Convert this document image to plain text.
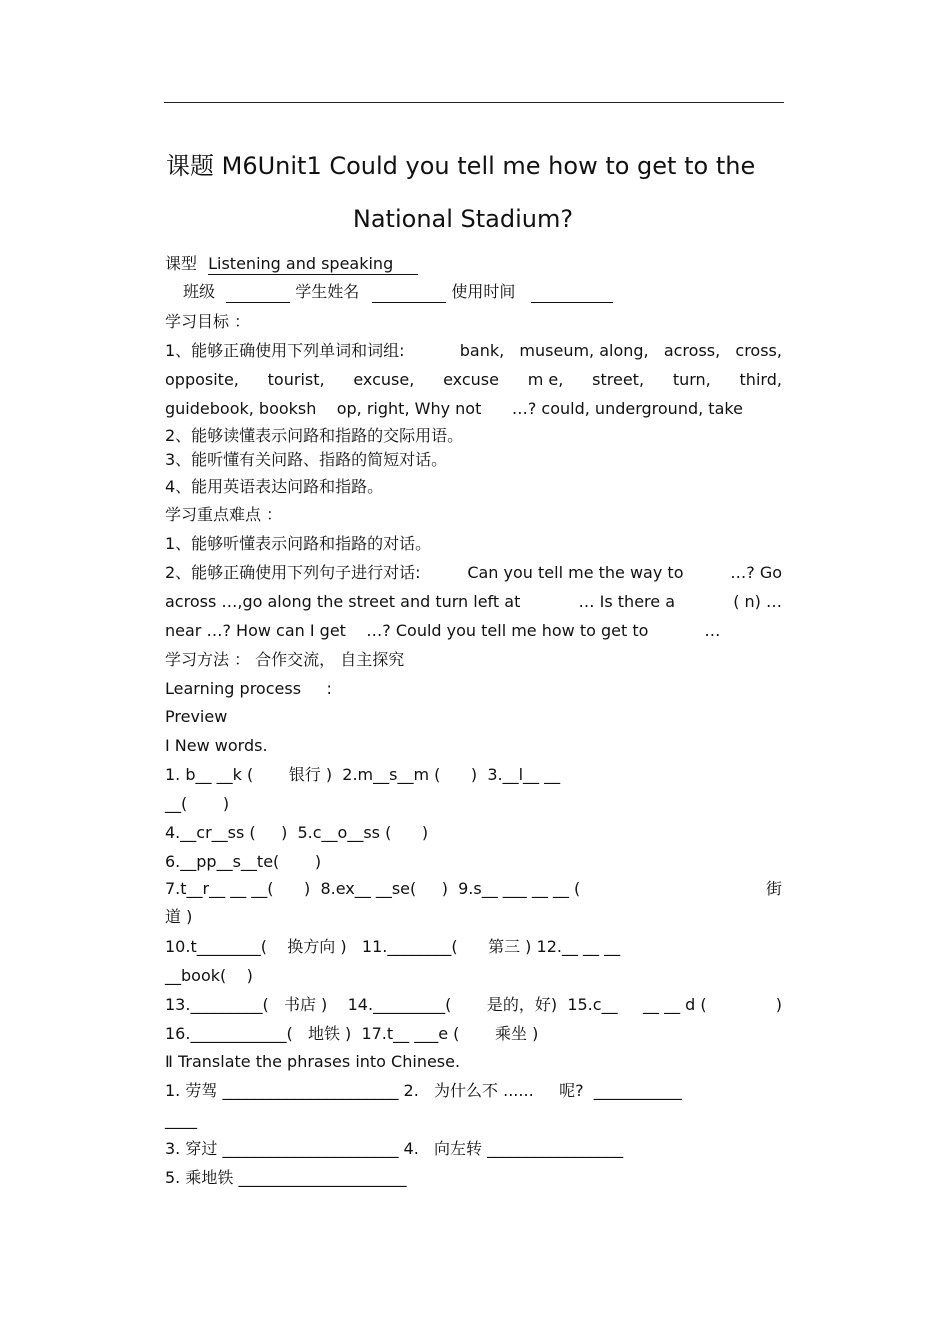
课题 M6Unit1 Could you tell me how to get to the
National Stadium?
课型 Listening and speaking
班级	学生姓名	使用时间
学习目标 ：
1、能够正确使用下列单词和词组:	bank, museum, along, across, cross,
opposite, tourist, excuse, excuse m e, street, turn, third,
guidebook, booksh    op, right, Why not      …? could, underground, take
2、能够读懂表示问路和指路的交际用语。
3、能听懂有关问路、指路的简短对话。
4、能用英语表达问路和指路。
学习重点难点 ：
1、能够听懂表示问路和指路的对话。
2、能够正确使用下列句子进行对话:	Can you tell me the way to	…? Go
across …,go along the street and turn left at	… Is there a	( n) …
near …? How can I get    …? Could you tell me how to get to           …
学习方法 ： 合作交流， 自主探究
Learning process     :
Preview
Ⅰ New words.
1. b__ __k (       银行 )  2.m__s__m (      )  3.__l__ __
__(       )
4.__cr__ss (     )  5.c__o__ss (      )
6.__pp__s__te(       )
7.t__r__ __ __(      )  8.ex__ __se(     )  9.s__ ___ __ __ (	街
道 )
10.t________(    换方向 )   11.________(      第三 ) 12.__ __ __
__book(    )
13._________(   书店 )    14._________(       是的，好)  15.c__     __ __ d (	)
16.____________(   地铁 )  17.t__ ___e (       乘坐 )
Ⅱ Translate the phrases into Chinese.
1. 劳驾 ______________________ 2.   为什么不 ......     呢?  ___________
____
3. 穿过 ______________________ 4.   向左转 _________________
5. 乘地铁 _____________________
